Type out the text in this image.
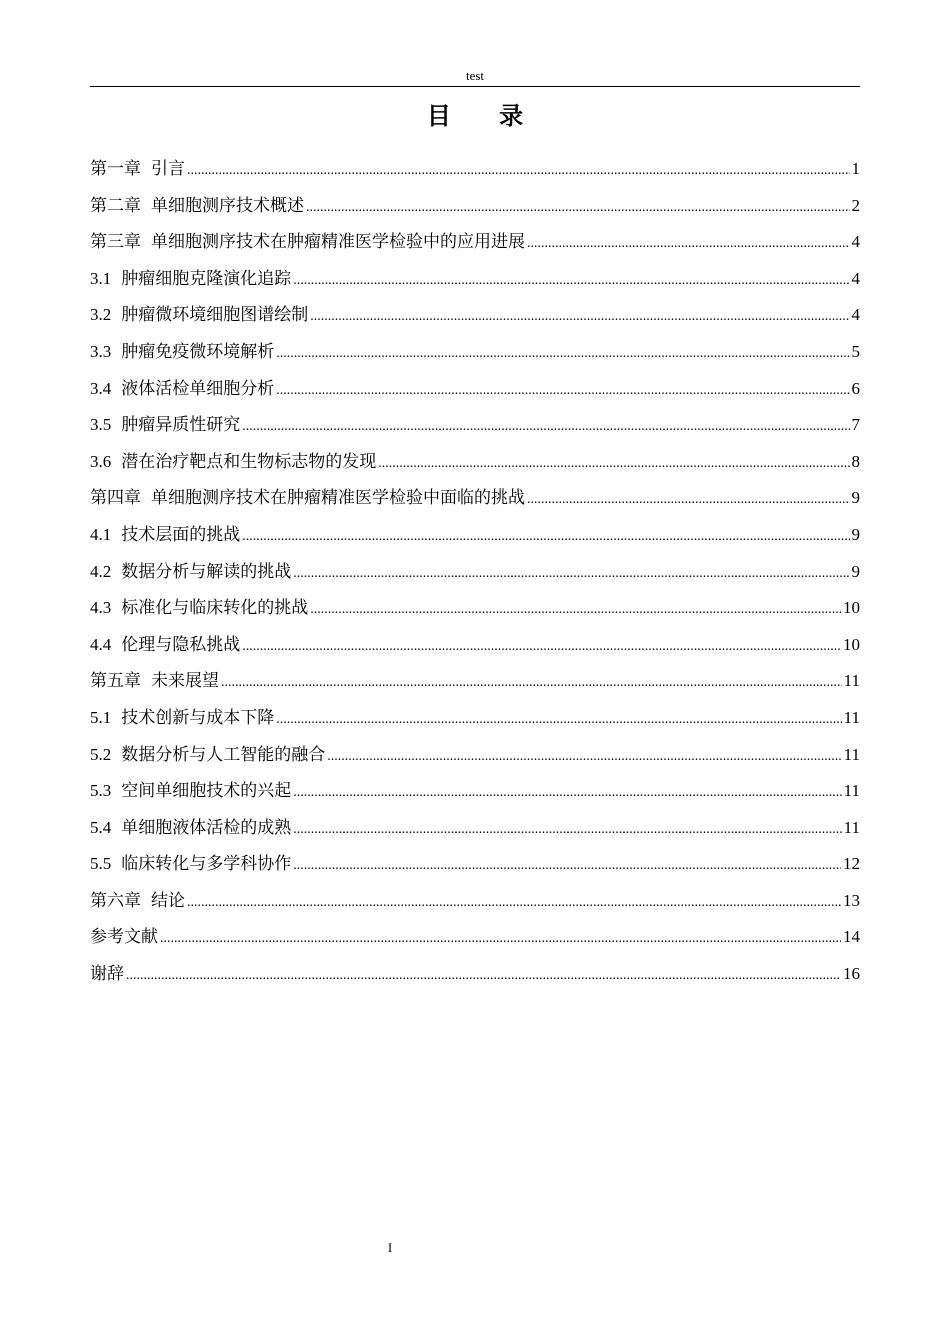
test
目 录
第一章 引言 .....	1
第二章 单细胞测序技术概述 .....	2
第三章 单细胞测序技术在肿瘤精准医学检验中的应用进展 .....	4
3.1 肿瘤细胞克隆演化追踪 .....	4
3.2 肿瘤微环境细胞图谱绘制 .....	4
3.3 肿瘤免疫微环境解析 .....	5
3.4 液体活检单细胞分析 .....	6
3.5 肿瘤异质性研究 .....	7
3.6 潜在治疗靶点和生物标志物的发现 .....	8
第四章 单细胞测序技术在肿瘤精准医学检验中面临的挑战 .....	9
4.1 技术层面的挑战 .....	9
4.2 数据分析与解读的挑战 .....	9
4.3 标准化与临床转化的挑战 .....	10
4.4 伦理与隐私挑战 .....	10
第五章 未来展望 .....	11
5.1 技术创新与成本下降 .....	11
5.2 数据分析与人工智能的融合 .....	11
5.3 空间单细胞技术的兴起 .....	11
5.4 单细胞液体活检的成熟 .....	11
5.5 临床转化与多学科协作 .....	12
第六章 结论 .....	13
参考文献 .....	14
谢辞 .....	16
I
